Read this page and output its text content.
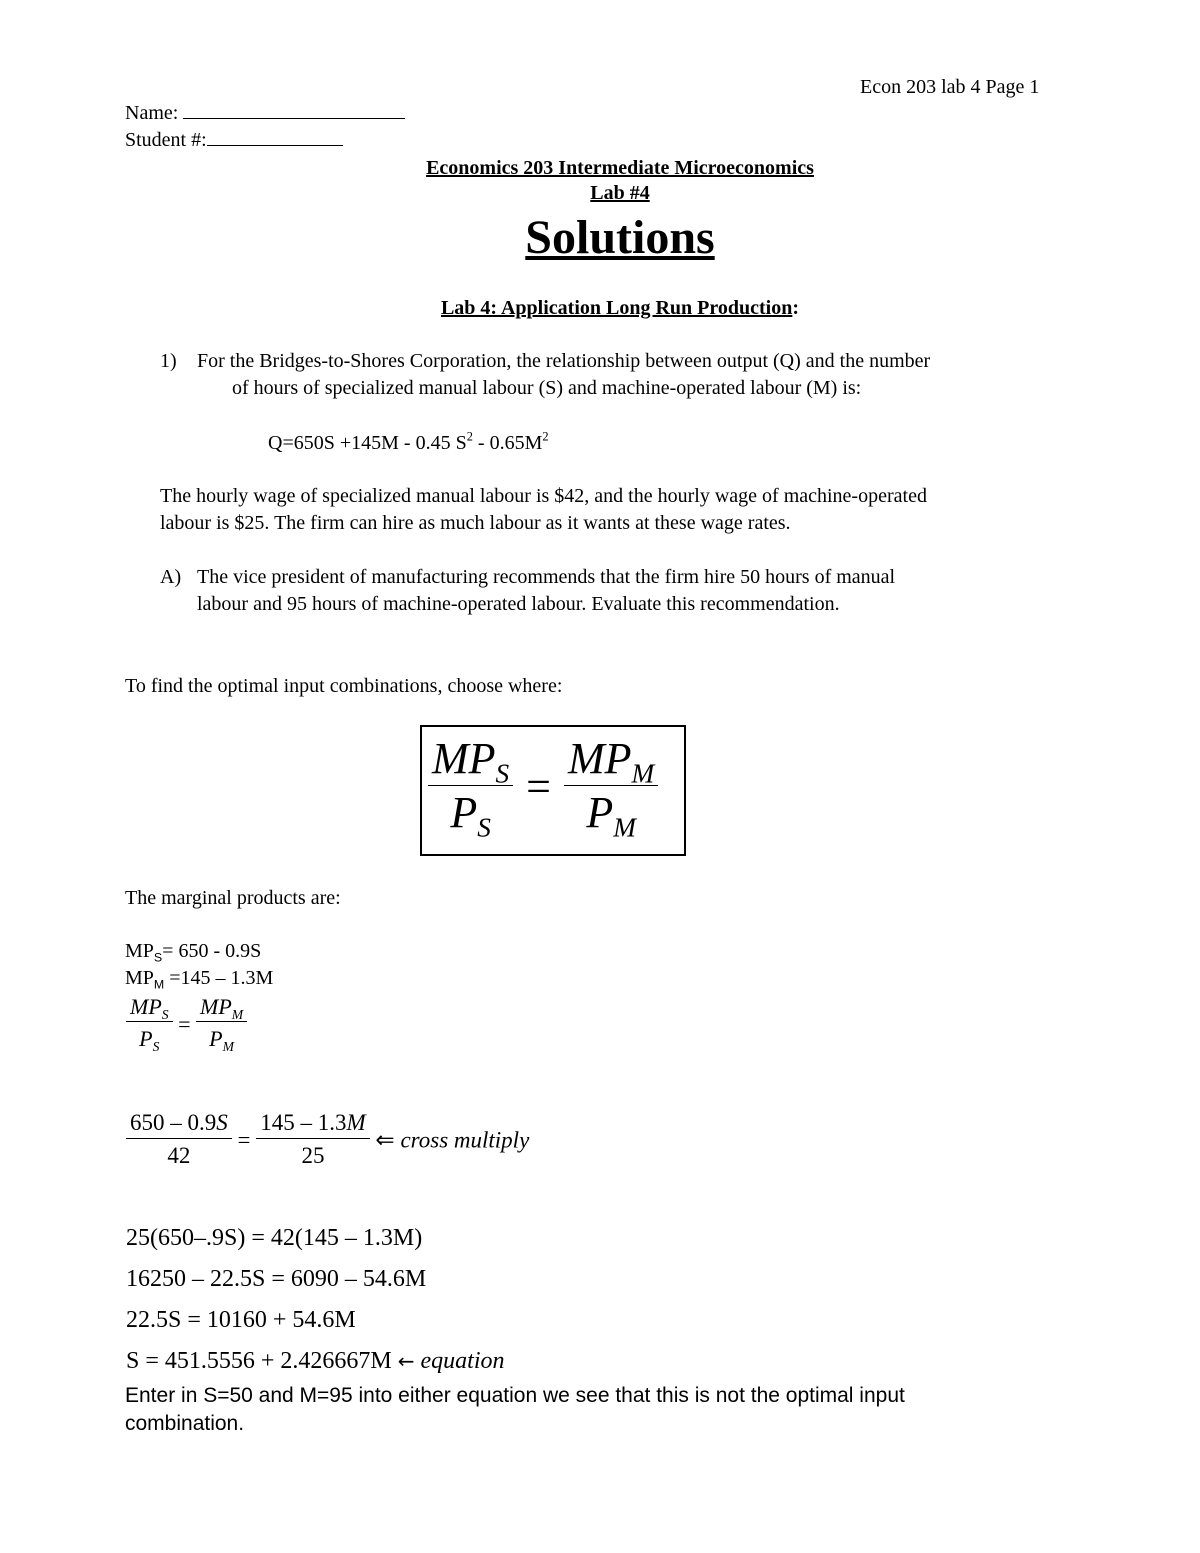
Econ 203 lab 4 Page 1
Name:
Student #:
Economics 203 Intermediate Microeconomics
Lab #4
Solutions
Lab 4: Application Long Run Production:
1) For the Bridges-to-Shores Corporation, the relationship between output (Q) and the number
of hours of specialized manual labour (S) and machine-operated labour (M) is:
Q=650S +145M - 0.45 $S^2 - 0.65M^2$
The hourly wage of specialized manual labour is $42, and the hourly wage of machine-operated
labour is $25. The firm can hire as much labour as it wants at these wage rates.
A) The vice president of manufacturing recommends that the firm hire 50 hours of manual
labour and 95 hours of machine-operated labour. Evaluate this recommendation.
To find the optimal input combinations, choose where:
$\frac{MP_S}{P_S} = \frac{MP_M}{P_M}$
The marginal products are:
$MP_S= 650 - 0.9S$
$MP_M =145 - 1.3M$
$\frac{MP_S}{P_S} = \frac{MP_M}{P_M}$
$\frac{650 - 0.9S}{42} = \frac{145 - 1.3M}{25}$ ⇐ cross multiply
25(650–.9S) = 42(145 – 1.3M)
16250 – 22.5S = 6090 – 54.6M
22.5S = 10160 + 54.6M
S = 451.5556 + 2.426667M ← equation
Enter in S=50 and M=95 into either equation we see that this is not the optimal input
combination.
